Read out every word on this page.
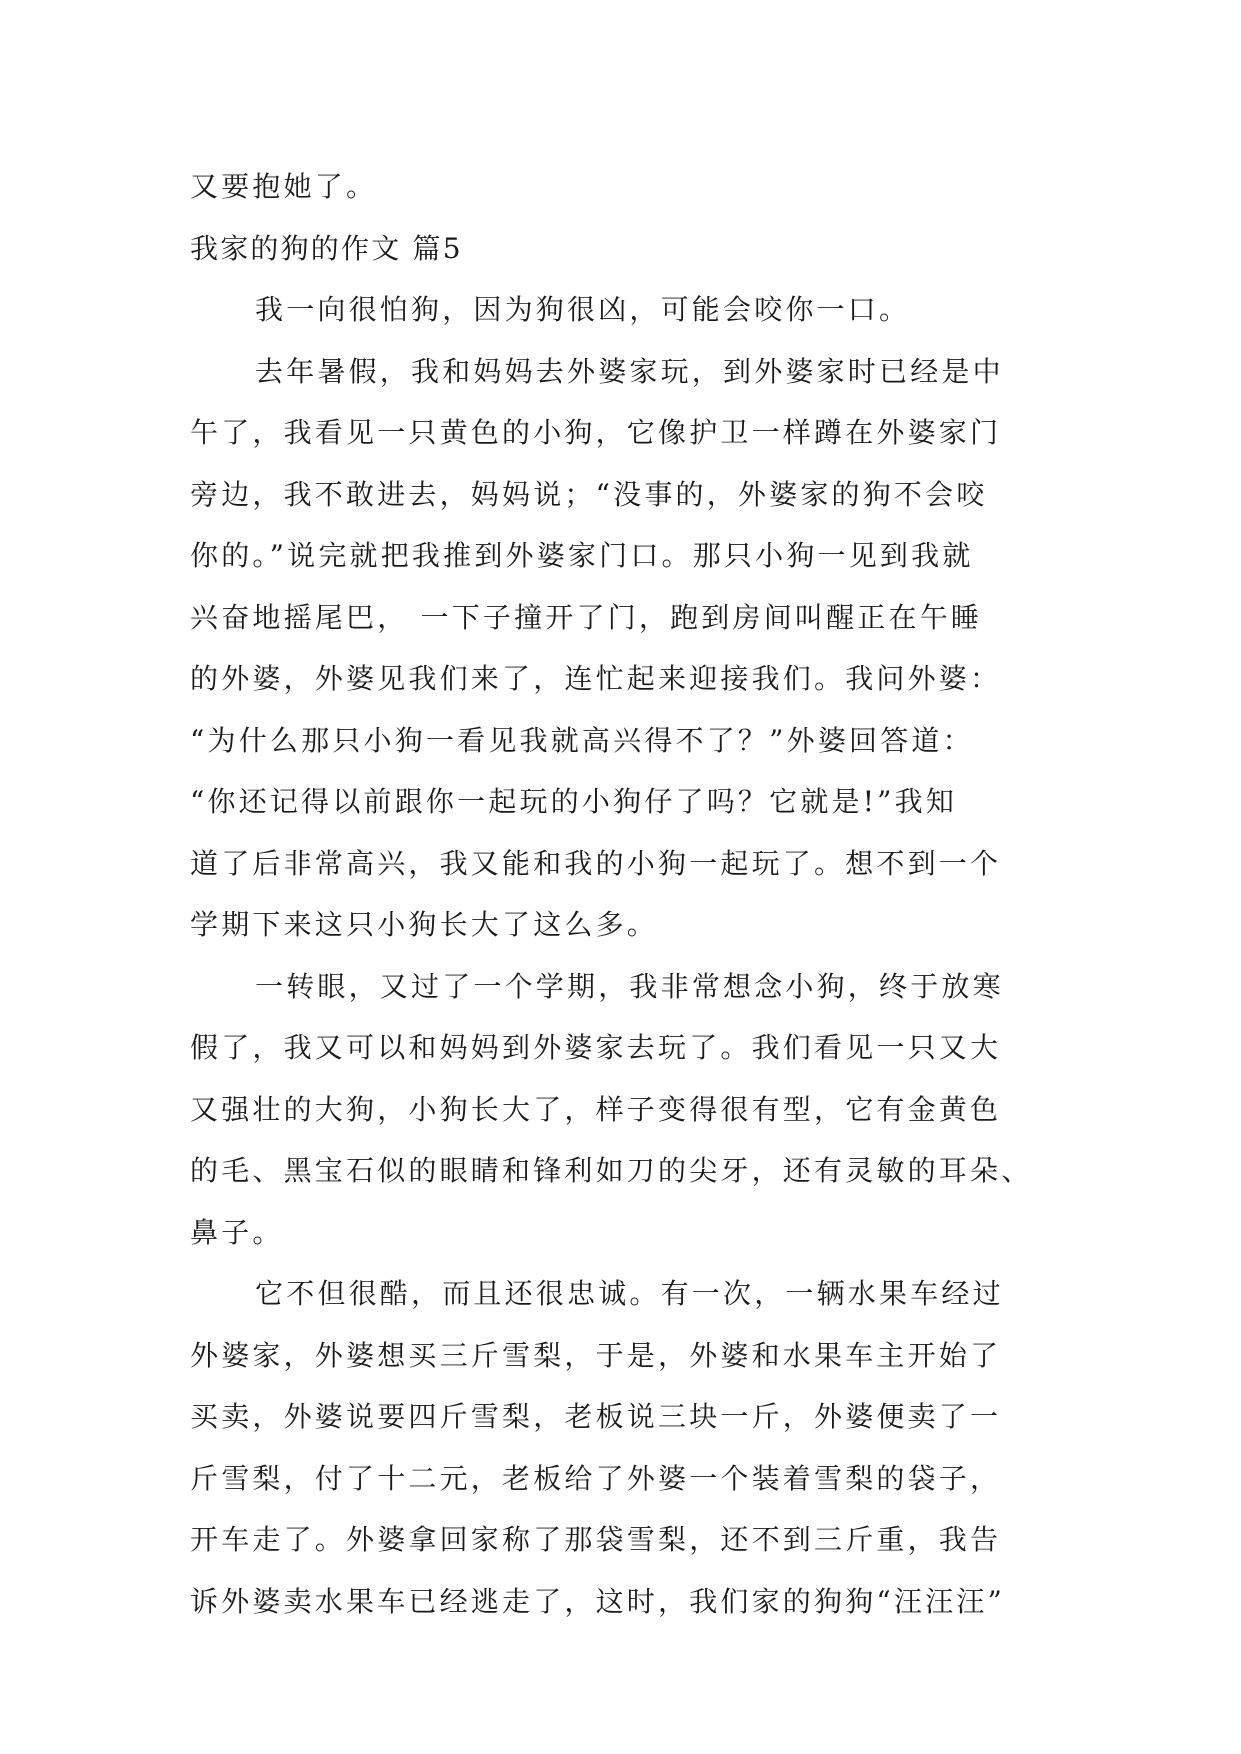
又要抱她了。
我家的狗的作文 篇5
我一向很怕狗，因为狗很凶，可能会咬你一口。
去年暑假，我和妈妈去外婆家玩，到外婆家时已经是中
午了，我看见一只黄色的小狗，它像护卫一样蹲在外婆家门
旁边，我不敢进去，妈妈说；“没事的，外婆家的狗不会咬
你的。”说完就把我推到外婆家门口。那只小狗一见到我就
兴奋地摇尾巴， 一下子撞开了门，跑到房间叫醒正在午睡
的外婆，外婆见我们来了，连忙起来迎接我们。我问外婆：
“为什么那只小狗一看见我就高兴得不了？”外婆回答道：
“你还记得以前跟你一起玩的小狗仔了吗？它就是!”我知
道了后非常高兴，我又能和我的小狗一起玩了。想不到一个
学期下来这只小狗长大了这么多。
一转眼，又过了一个学期，我非常想念小狗，终于放寒
假了，我又可以和妈妈到外婆家去玩了。我们看见一只又大
又强壮的大狗，小狗长大了，样子变得很有型，它有金黄色
的毛、黑宝石似的眼睛和锋利如刀的尖牙，还有灵敏的耳朵、
鼻子。
它不但很酷，而且还很忠诚。有一次，一辆水果车经过
外婆家，外婆想买三斤雪梨，于是，外婆和水果车主开始了
买卖，外婆说要四斤雪梨，老板说三块一斤，外婆便卖了一
斤雪梨，付了十二元，老板给了外婆一个装着雪梨的袋子，
开车走了。外婆拿回家称了那袋雪梨，还不到三斤重，我告
诉外婆卖水果车已经逃走了，这时，我们家的狗狗“汪汪汪”
